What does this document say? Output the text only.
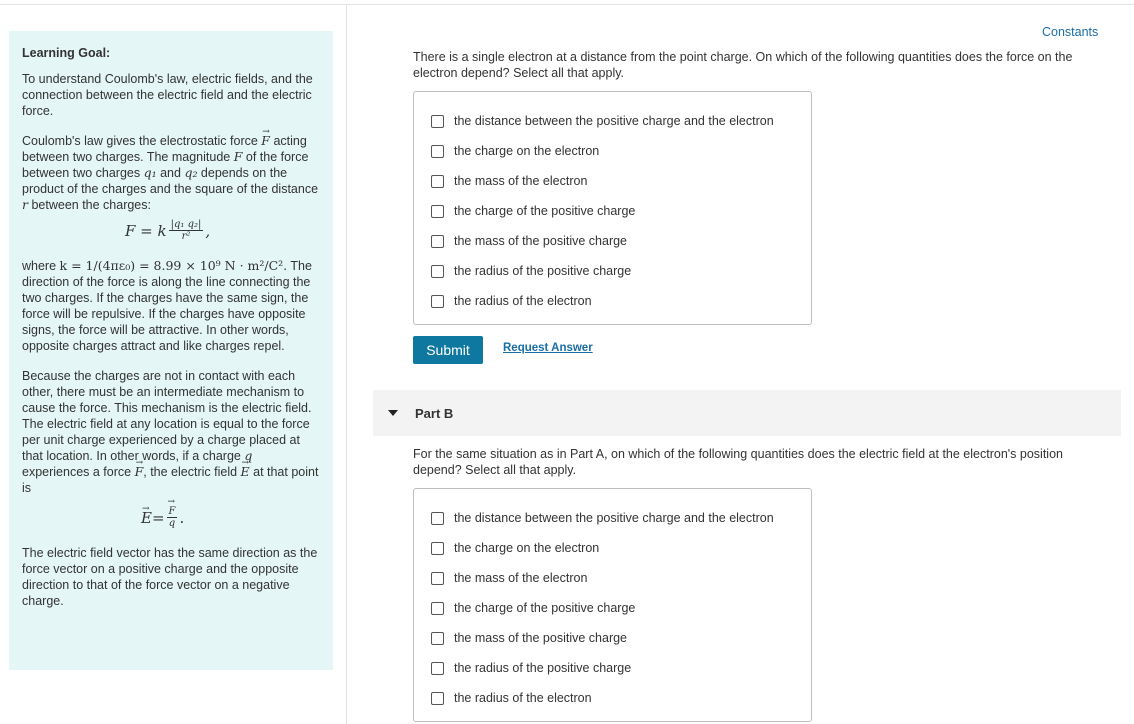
Learning Goal:
To understand Coulomb's law, electric fields, and the connection between the electric field and the electric force.
Coulomb's law gives the electrostatic force → F acting between two charges. The magnitude F of the force between two charges q₁ and q₂ depends on the product of the charges and the square of the distance r between the charges:
F = k $\frac{\text{|q₁ q₂|}}{\text{r²}}$ ,
where k = 1/(4πε₀) = 8.99 × 10⁹ N · m²/C². The direction of the force is along the line connecting the two charges. If the charges have the same sign, the force will be repulsive. If the charges have opposite signs, the force will be attractive. In other words, opposite charges attract and like charges repel.
Because the charges are not in contact with each other, there must be an intermediate mechanism to cause the force. This mechanism is the electric field. The electric field at any location is equal to the force per unit charge experienced by a charge placed at that location. In other words, if a charge q experiences a force → F, the electric field → E at that point is
→ E =
→ $\frac{F}{q}$ .
The electric field vector has the same direction as the force vector on a positive charge and the opposite direction to that of the force vector on a negative charge.
Constants
There is a single electron at a distance from the point charge. On which of the following quantities does the force on the electron depend? Select all that apply.
the distance between the positive charge and the electron
the charge on the electron
the mass of the electron
the charge of the positive charge
the mass of the positive charge
the radius of the positive charge
the radius of the electron
Submit	Request Answer
Part B
For the same situation as in Part A, on which of the following quantities does the electric field at the electron's position depend? Select all that apply.
the distance between the positive charge and the electron
the charge on the electron
the mass of the electron
the charge of the positive charge
the mass of the positive charge
the radius of the positive charge
the radius of the electron
